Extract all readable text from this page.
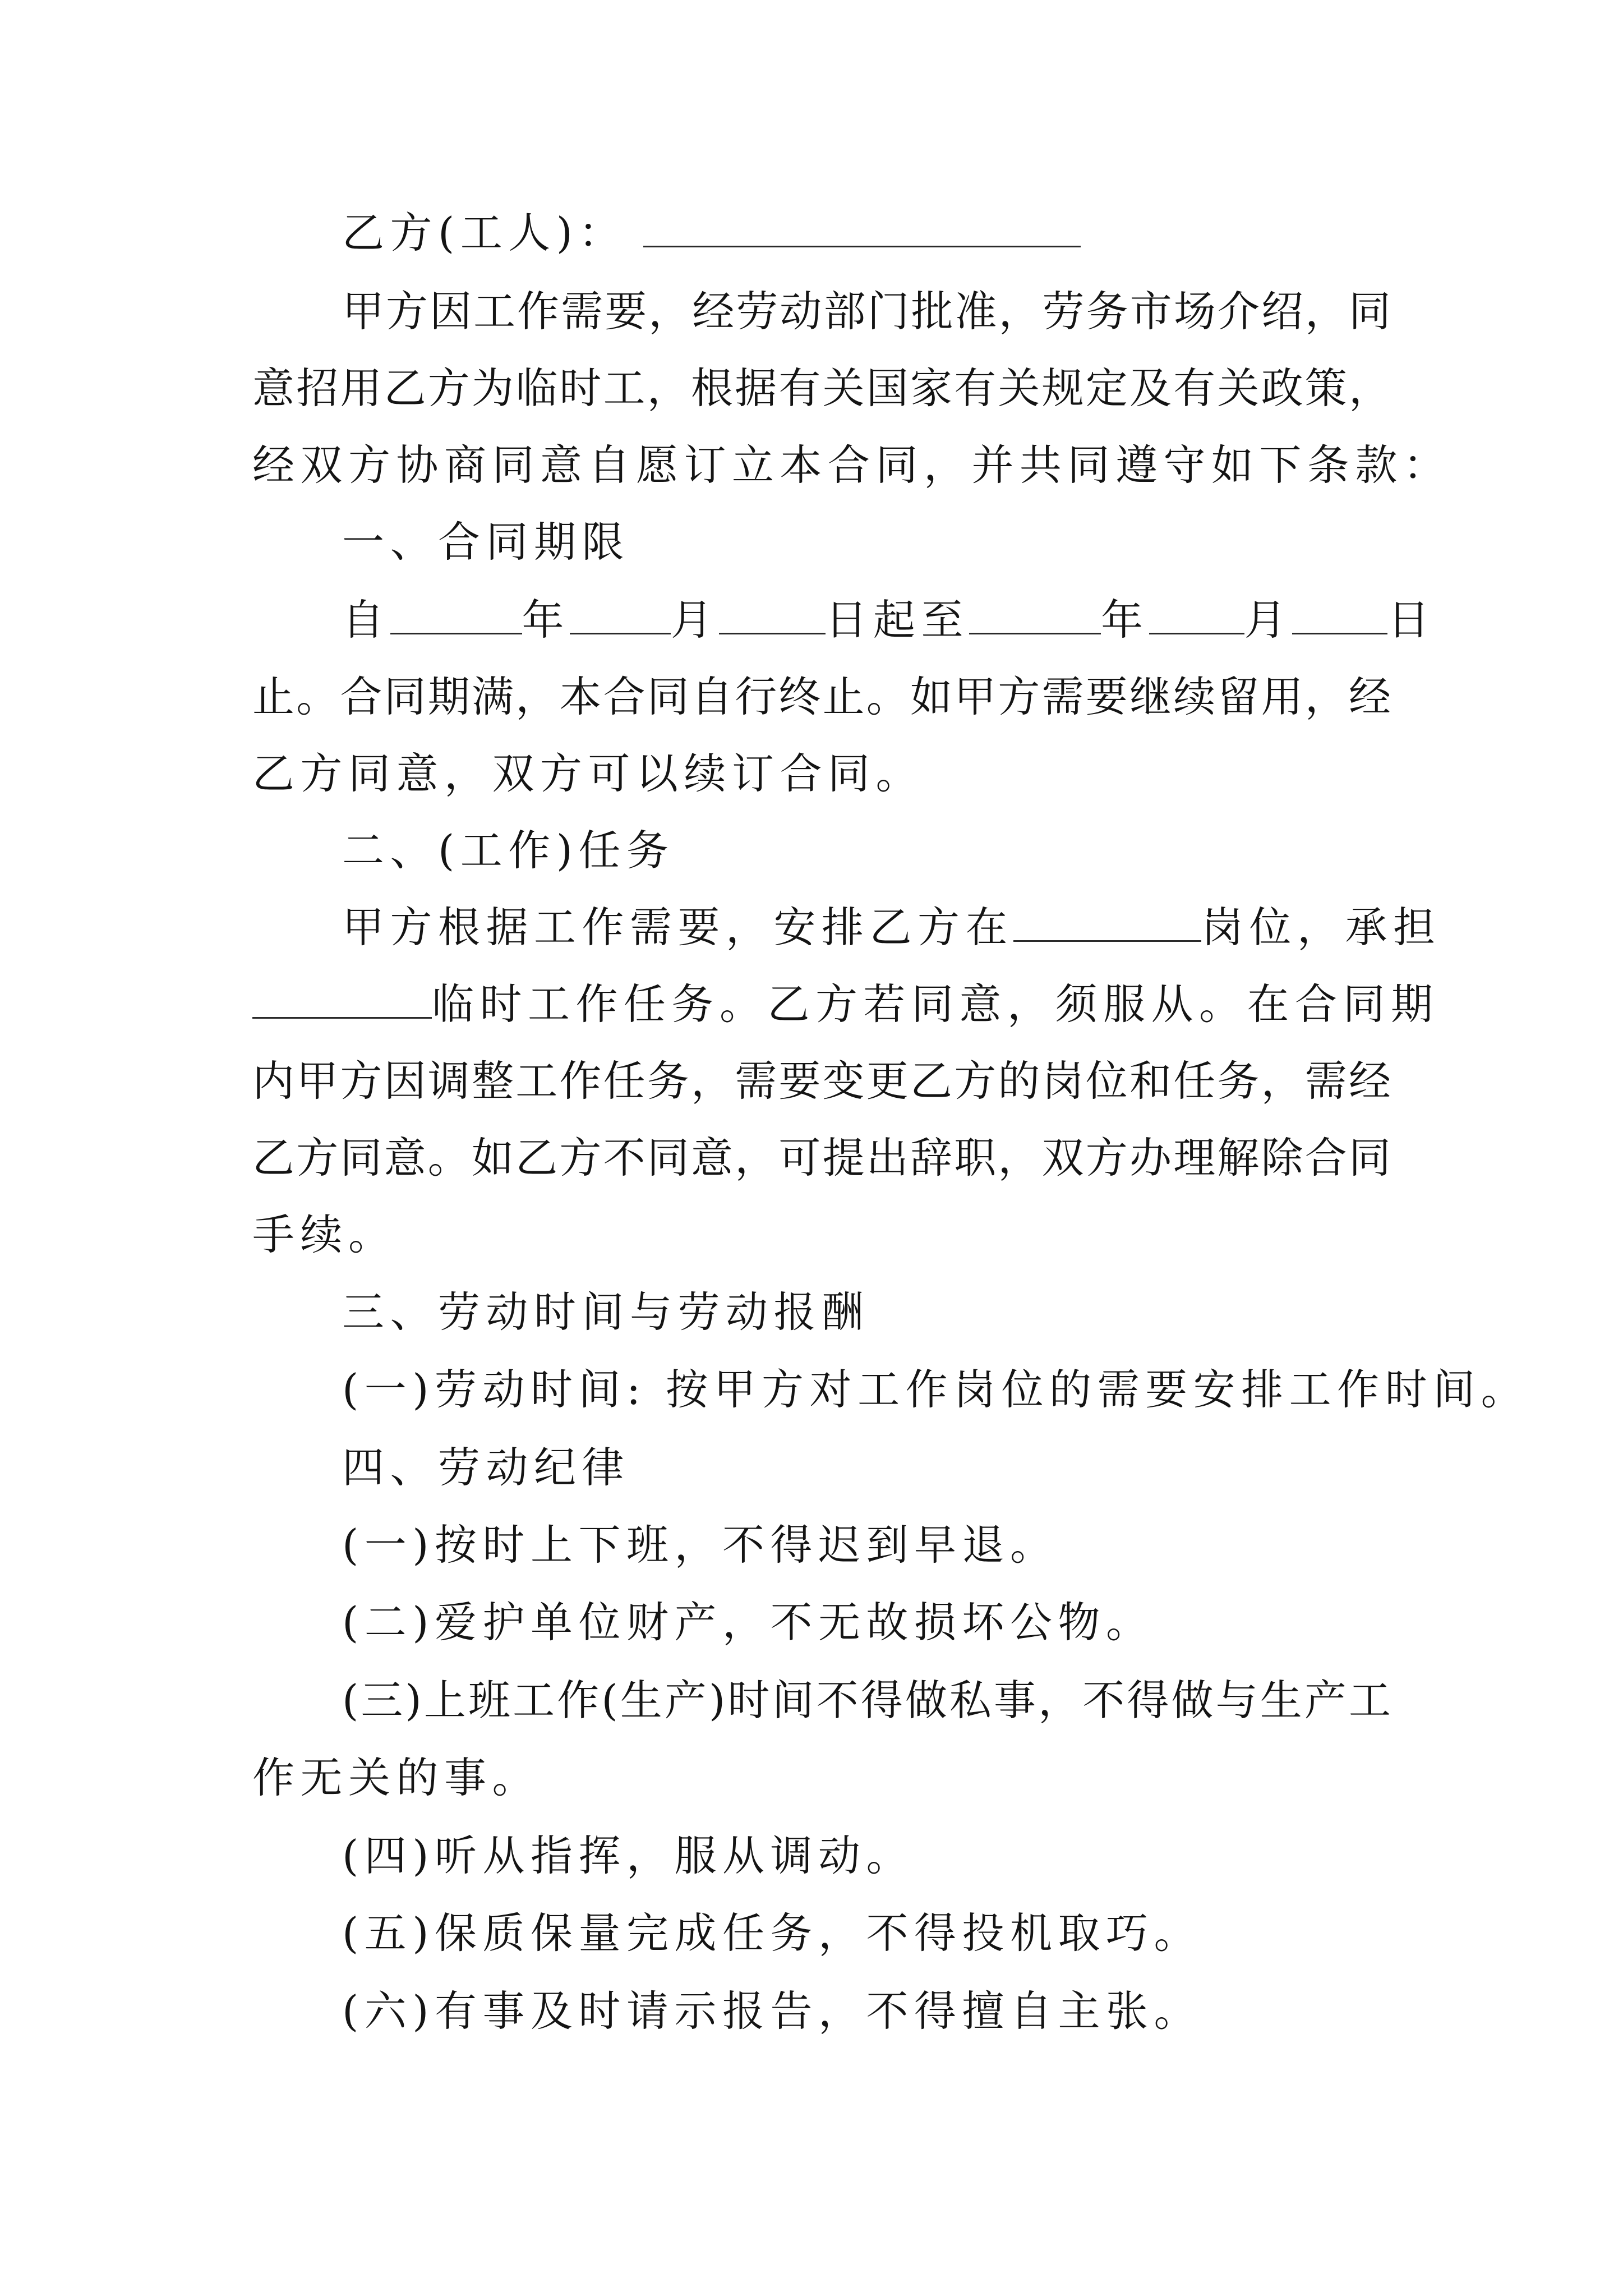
乙方(工人)：
甲方因工作需要，经劳动部门批准，劳务市场介绍，同
意招用乙方为临时工，根据有关国家有关规定及有关政策，
经双方协商同意自愿订立本合同，并共同遵守如下条款：
一、合同期限
自	年 月	日起至	年 月 日
止。合同期满，本合同自行终止。如甲方需要继续留用，经
乙方同意，双方可以续订合同。
二、(工作)任务
甲方根据工作需要，安排乙方在	岗位，承担
临时工作任务。乙方若同意，须服从。在合同期
内甲方因调整工作任务，需要变更乙方的岗位和任务，需经
乙方同意。如乙方不同意，可提出辞职，双方办理解除合同
手续。
三、劳动时间与劳动报酬
(一)劳动时间: 按甲方对工作岗位的需要安排工作时间。
四、劳动纪律
(一)按时上下班，不得迟到早退。
(二)爱护单位财产，不无故损坏公物。
(三)上班工作(生产)时间不得做私事，不得做与生产工
作无关的事。
(四)听从指挥，服从调动。
(五)保质保量完成任务，不得投机取巧。
(六)有事及时请示报告，不得擅自主张。
